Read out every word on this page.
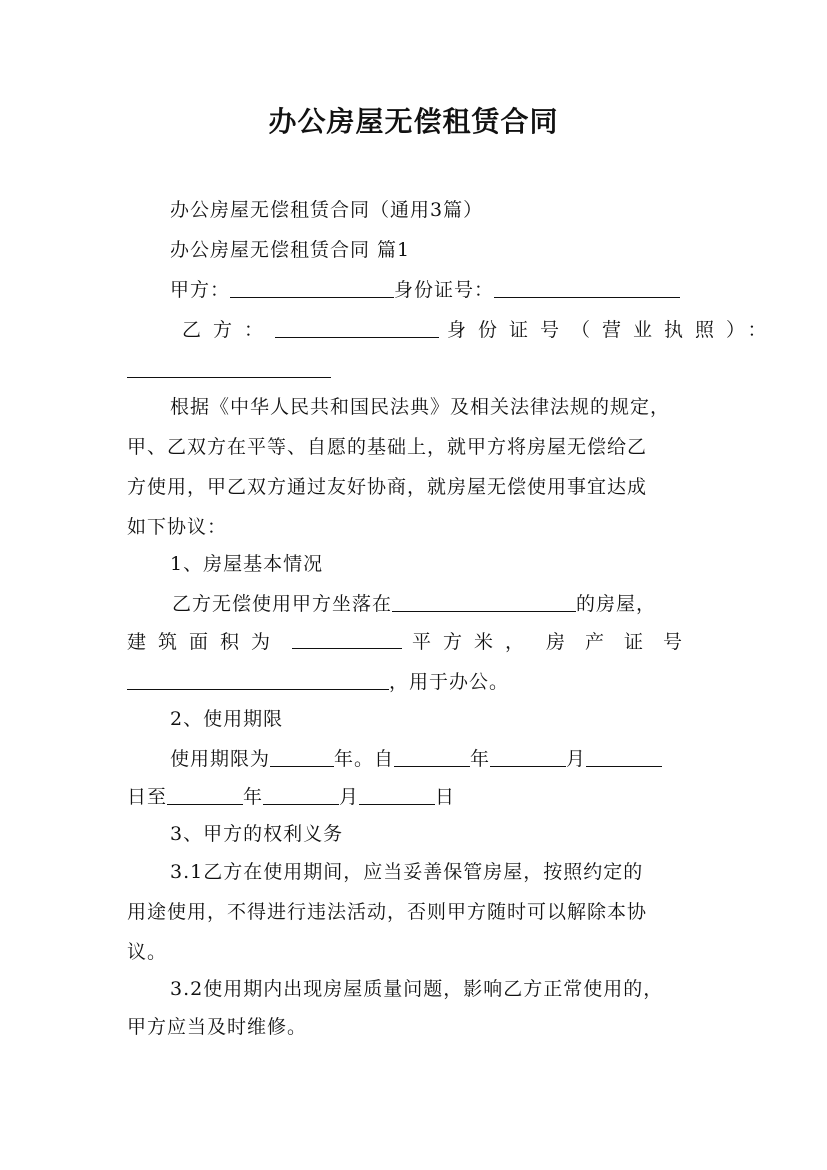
办公房屋无偿租赁合同
办公房屋无偿租赁合同（通用3篇）
办公房屋无偿租赁合同 篇1
甲方：	身份证号：
乙方：	身份证号（营业执照）：
根据《中华人民共和国民法典》及相关法律法规的规定，
甲、乙双方在平等、自愿的基础上，就甲方将房屋无偿给乙
方使用，甲乙双方通过友好协商，就房屋无偿使用事宜达成
如下协议：
1、房屋基本情况
乙方无偿使用甲方坐落在	的房屋，
建筑面积为	平方米， 房产证号
，用于办公。
2、使用期限
使用期限为	年。自	年	月
日至	年	月	日
3、甲方的权利义务
3.1乙方在使用期间，应当妥善保管房屋，按照约定的
用途使用，不得进行违法活动，否则甲方随时可以解除本协
议。
3.2使用期内出现房屋质量问题，影响乙方正常使用的，
甲方应当及时维修。
